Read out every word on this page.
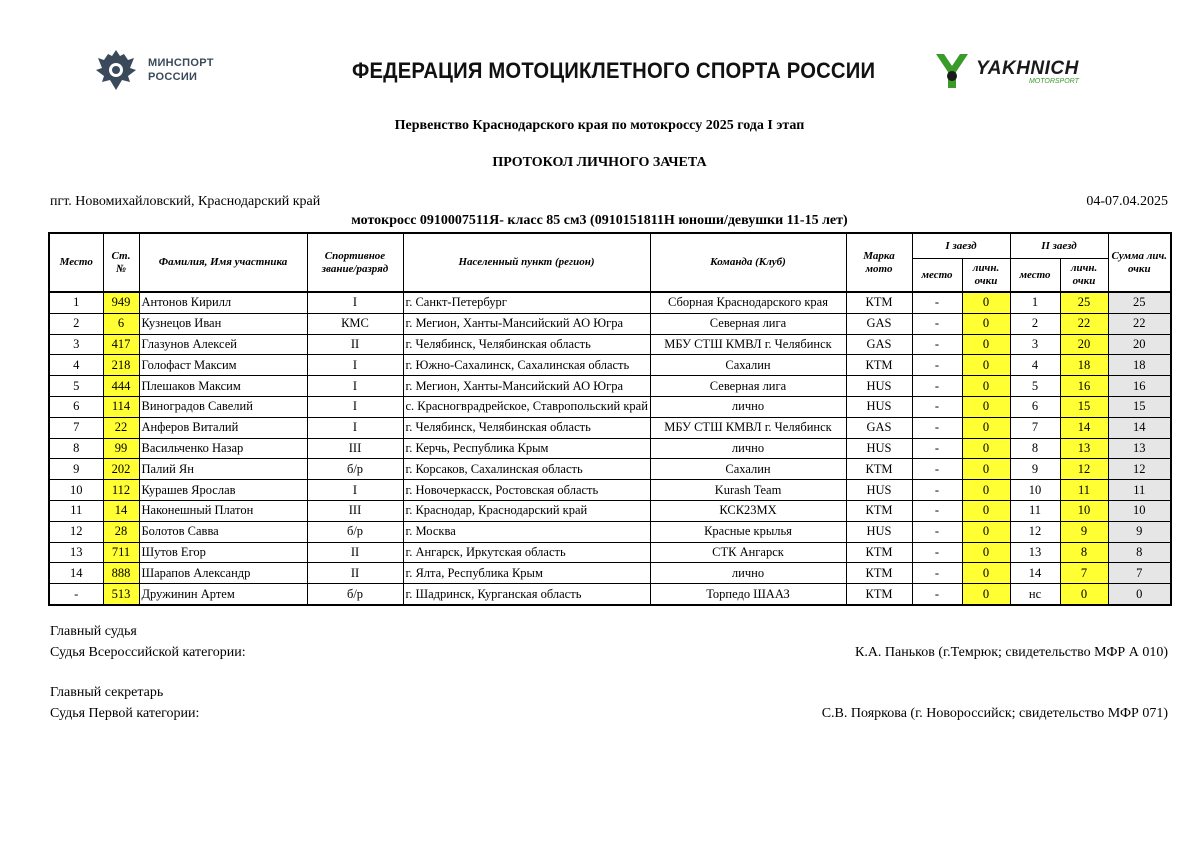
МИНСПОРТ
РОССИИ	ФЕДЕРАЦИЯ МОТОЦИКЛЕТНОГО СПОРТА РОССИИ	YAKHNICH
MOTORSPORT
Первенство Краснодарского края по мотокроссу 2025 года I этап
ПРОТОКОЛ ЛИЧНОГО ЗАЧЕТА
пгт. Новомихайловский, Краснодарский край	04-07.04.2025
мотокросс 0910007511Я- класс 85 см3 (0910151811Н юноши/девушки 11-15 лет)
Место	Ст. №	Фамилия, Имя участника	Спортивное звание/разряд	Населенный пункт (регион)	Команда (Клуб)	Марка мото	I заезд		II заезд		Сумма лич. очки
							место	личн. очки	место	личн. очки	
1	949	Антонов Кирилл	I	г. Санкт-Петербург	Сборная Краснодарского края	КТМ	-	0	1	25	25
2	6	Кузнецов Иван	КМС	г. Мегион, Ханты-Мансийский АО Югра	Северная лига	GAS	-	0	2	22	22
3	417	Глазунов Алексей	II	г. Челябинск, Челябинская область	МБУ СТШ КМВЛ г. Челябинск	GAS	-	0	3	20	20
4	218	Голофаст Максим	I	г. Южно-Сахалинск, Сахалинская область	Сахалин	КТМ	-	0	4	18	18
5	444	Плешаков Максим	I	г. Мегион, Ханты-Мансийский АО Югра	Северная лига	HUS	-	0	5	16	16
6	114	Виноградов Савелий	I	с. Красногврадрейское, Ставропольский край	лично	HUS	-	0	6	15	15
7	22	Анферов Виталий	I	г. Челябинск, Челябинская область	МБУ СТШ КМВЛ г. Челябинск	GAS	-	0	7	14	14
8	99	Васильченко Назар	III	г. Керчь, Республика Крым	лично	HUS	-	0	8	13	13
9	202	Палий Ян	б/р	г. Корсаков, Сахалинская область	Сахалин	КТМ	-	0	9	12	12
10	112	Курашев Ярослав	I	г. Новочеркасск, Ростовская область	Kurash Team	HUS	-	0	10	11	11
11	14	Наконешный Платон	III	г. Краснодар, Краснодарский край	КСК23МХ	КТМ	-	0	11	10	10
12	28	Болотов Савва	б/р	г. Москва	Красные крылья	HUS	-	0	12	9	9
13	711	Шутов Егор	II	г. Ангарск, Иркутская область	СТК Ангарск	КТМ	-	0	13	8	8
14	888	Шарапов Александр	II	г. Ялта, Республика Крым	лично	КТМ	-	0	14	7	7
-	513	Дружинин Артем	б/р	г. Шадринск, Курганская область	Торпедо ШААЗ	КТМ	-	0	нс	0	0
Главный судья
Судья Всероссийской категории:	К.А. Паньков (г.Темрюк; свидетельство МФР А 010)
Главный секретарь
Судья Первой категории:	С.В. Пояркова (г. Новороссийск; свидетельство МФР 071)
